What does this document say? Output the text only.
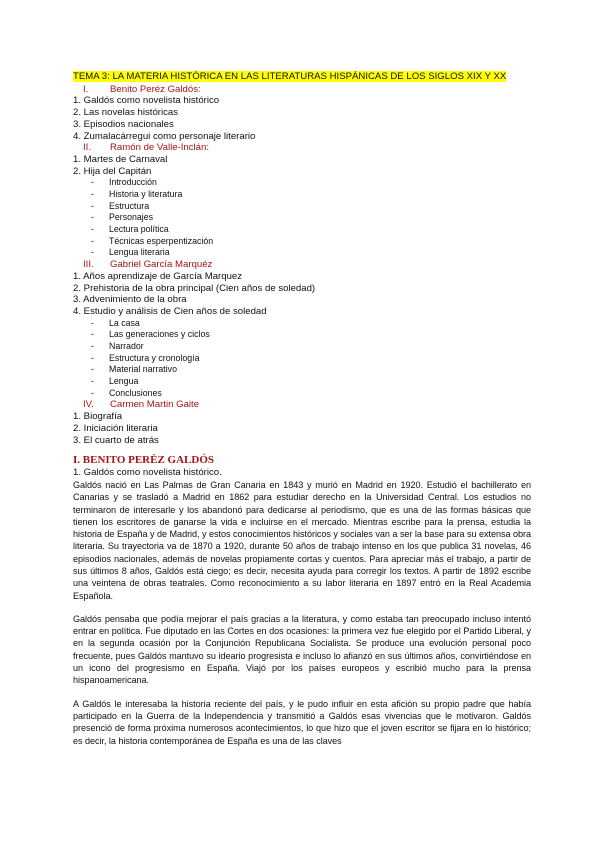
TEMA 3: LA MATERIA HISTÓRICA EN LAS LITERATURAS HISPÁNICAS DE LOS SIGLOS XIX Y XX
I. Benito Peréz Galdós:
1. Galdós como novelista histórico
2. Las novelas históricas
3. Episodios nacionales
4. Zumalacárregui como personaje literario
II. Ramón de Valle-Inclán:
1. Martes de Carnaval
2. Hija del Capitán
- Introducción
- Historia y literatura
- Estructura
- Personajes
- Lectura política
- Técnicas esperpentización
- Lengua literaria
III. Gabriel García Marquéz
1. Años aprendizaje de García Marquez
2. Prehistoria de la obra principal (Cien años de soledad)
3. Advenimiento de la obra
4. Estudio y análisis de Cien años de soledad
- La casa
- Las generaciones y ciclos
- Narrador
- Estructura y cronología
- Material narrativo
- Lengua
- Conclusiones
IV. Carmen Martin Gaite
1. Biografía
2. Iniciación literaria
3. El cuarto de atrás
I. BENITO PERÉZ GALDÓS
1. Galdós como novelista histórico.
Galdós nació en Las Palmas de Gran Canaria en 1843 y murió en Madrid en 1920. Estudió el bachillerato en Canarias y se trasladó a Madrid en 1862 para estudiar derecho en la Universidad Central. Los estudios no terminaron de interesarle y los abandonó para dedicarse al periodismo, que es una de las formas básicas que tienen los escritores de ganarse la vida e incluirse en el mercado. Mientras escribe para la prensa, estudia la historia de España y de Madrid, y estos conocimientos históricos y sociales van a ser la base para su extensa obra literaria. Su trayectoria va de 1870 a 1920, durante 50 años de trabajo intenso en los que publica 31 novelas, 46 episodios nacionales, además de novelas propiamente cortas y cuentos. Para apreciar más el trabajo, a partir de sus últimos 8 años, Galdós está ciego; es decir, necesita ayuda para corregir los textos. A partir de 1892 escribe una veintena de obras teatrales. Como reconocimiento a su labor literaria en 1897 entró en la Real Academia Española.
Galdós pensaba que podía mejorar el país gracias a la literatura, y como estaba tan preocupado incluso intentó entrar en política. Fue diputado en las Cortes en dos ocasiones: la primera vez fue elegido por el Partido Liberal, y en la segunda ocasión por la Conjunción Republicana Socialista. Se produce una evolución personal poco frecuente, pues Galdós mantuvo su ideario progresista e incluso lo afianzó en sus últimos años, convirtiéndose en un icono del progresismo en España. Viajó por los países europeos y escribió mucho para la prensa hispanoamericana.
A Galdós le interesaba la historia reciente del país, y le pudo influir en esta afición su propio padre que había participado en la Guerra de la Independencia y transmitió a Galdós esas vivencias que le motivaron. Galdós presenció de forma próxima numerosos acontecimientos, lo que hizo que el joven escritor se fijara en lo histórico; es decir, la historia contemporánea de España es una de las claves
